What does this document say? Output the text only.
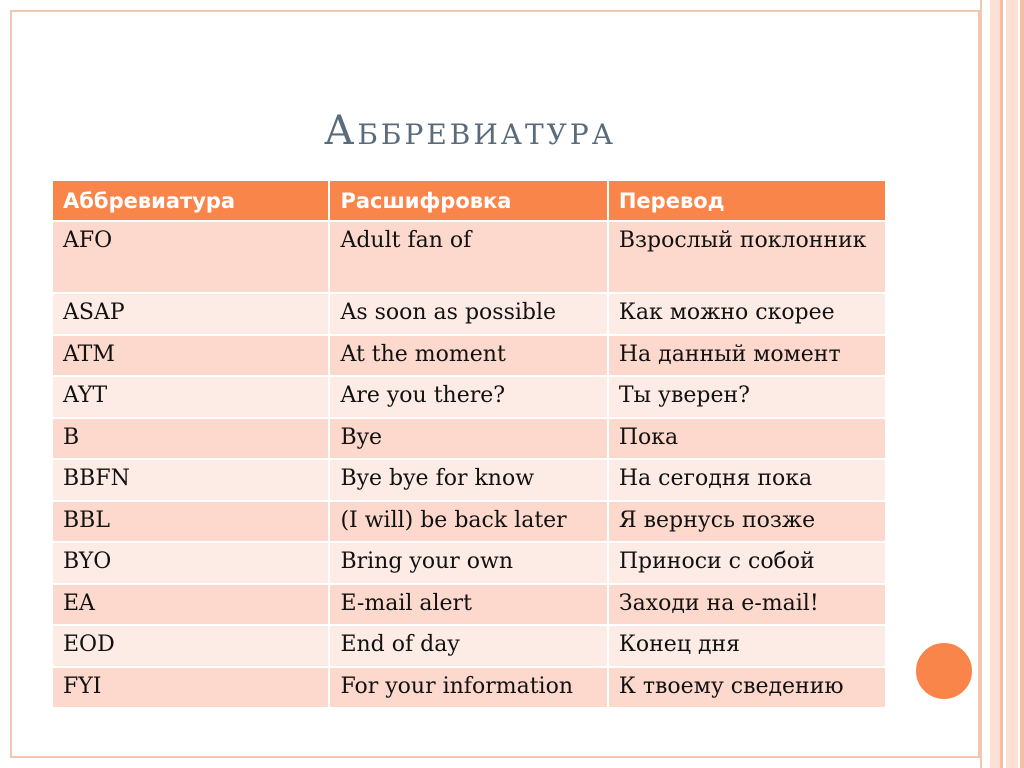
Аббревиатура
Аббревиатура	Расшифровка	Перевод
AFO	Adult fan of	Взрослый поклонник
ASAP	As soon as possible	Как можно скорее
ATM	At the moment	На данный момент
AYT	Are you there?	Ты уверен?
B	Bye	Пока
BBFN	Bye bye for know	На сегодня пока
BBL	(I will) be back later	Я вернусь позже
BYO	Bring your own	Приноси с собой
EA	E-mail alert	Заходи на e-mail!
EOD	End of day	Конец дня
FYI	For your information	К твоему сведению
